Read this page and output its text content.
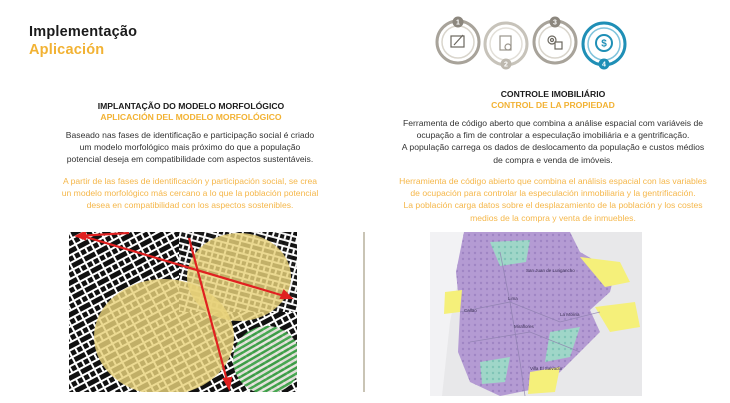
Implementação
Aplicación
1
2
3
4
$
IMPLANTAÇÃO DO MODELO MORFOLÓGICO
APLICACIÓN DEL MODELO MORFOLÓGICO
Baseado nas fases de identificação e participação social é criado
um modelo morfológico mais próximo do que a população
potencial deseja em compatibilidade com aspectos sustentáveis.
A partir de las fases de identificación y participación social, se crea
un modelo morfológico más cercano a lo que la población potencial
desea en compatibilidad con los aspectos sostenibles.
CONTROLE IMOBILIÁRIO
CONTROL DE LA PROPIEDAD
Ferramenta de código aberto que combina a análise espacial com variáveis de
ocupação a fim de controlar a especulação imobiliária e a gentrificação.
A população carrega os dados de deslocamento da população e custos médios
de compra e venda de imóveis.
Herramienta de código abierto que combina el análisis espacial con las variables
de ocupación para controlar la especulación inmobiliaria y la gentrificación.
La población carga datos sobre el desplazamiento de la población y los costes
medios de la compra y venta de inmuebles.
Lima
Callao
Miraflores
San Juan de Lurigancho
La Molina
Villa El Salvador
